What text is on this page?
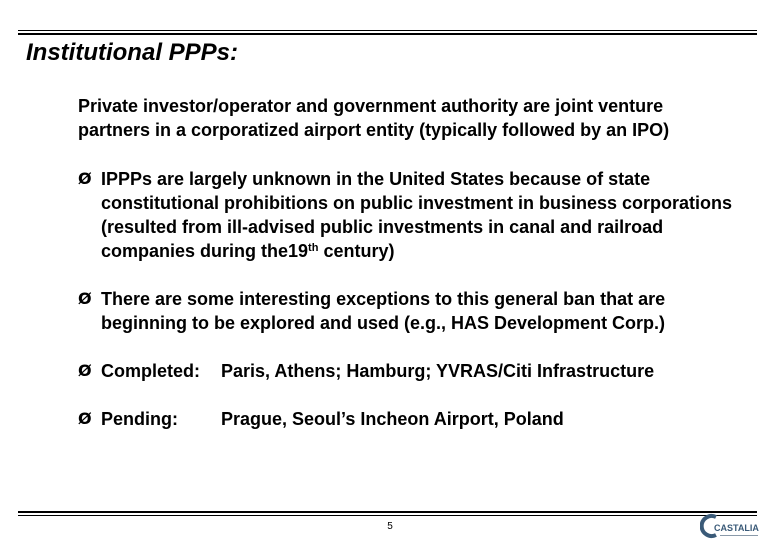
Institutional PPPs:

Private investor/operator and government authority are joint venture partners in a corporatized airport entity (typically followed by an IPO)

Ø IPPPs are largely unknown in the United States because of state constitutional prohibitions on public investment in business corporations (resulted from ill-advised public investments in canal and railroad companies during the19th century)
Ø There are some interesting exceptions to this general ban that are beginning to be explored and used (e.g., HAS Development Corp.)
Ø Completed: Paris, Athens; Hamburg; YVRAS/Citi Infrastructure
Ø Pending: Prague, Seoul’s Incheon Airport, Poland
5	CASTALIA
